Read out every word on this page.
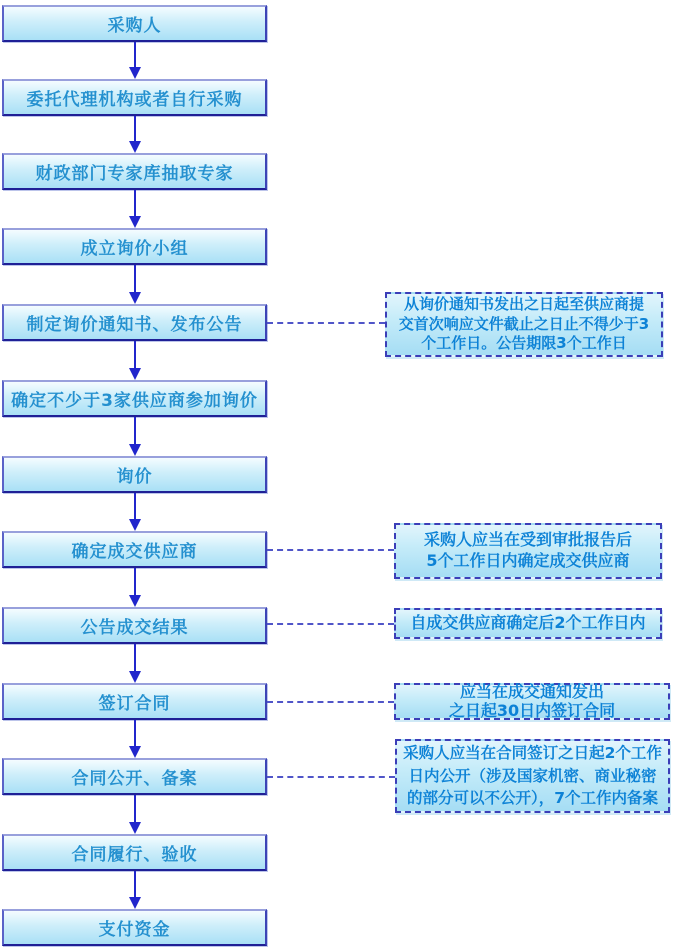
采购人
委托代理机构或者自行采购
财政部门专家库抽取专家
成立询价小组
制定询价通知书、发布公告
确定不少于3家供应商参加询价
询价
确定成交供应商
公告成交结果
签订合同
合同公开、备案
合同履行、验收
支付资金
从询价通知书发出之日起至供应商提
交首次响应文件截止之日止不得少于3
个工作日。公告期限3个工作日
采购人应当在受到审批报告后
5个工作日内确定成交供应商
自成交供应商确定后2个工作日内
应当在成交通知发出
之日起30日内签订合同
采购人应当在合同签订之日起2个工作
日内公开（涉及国家机密、商业秘密
的部分可以不公开），7个工作内备案
